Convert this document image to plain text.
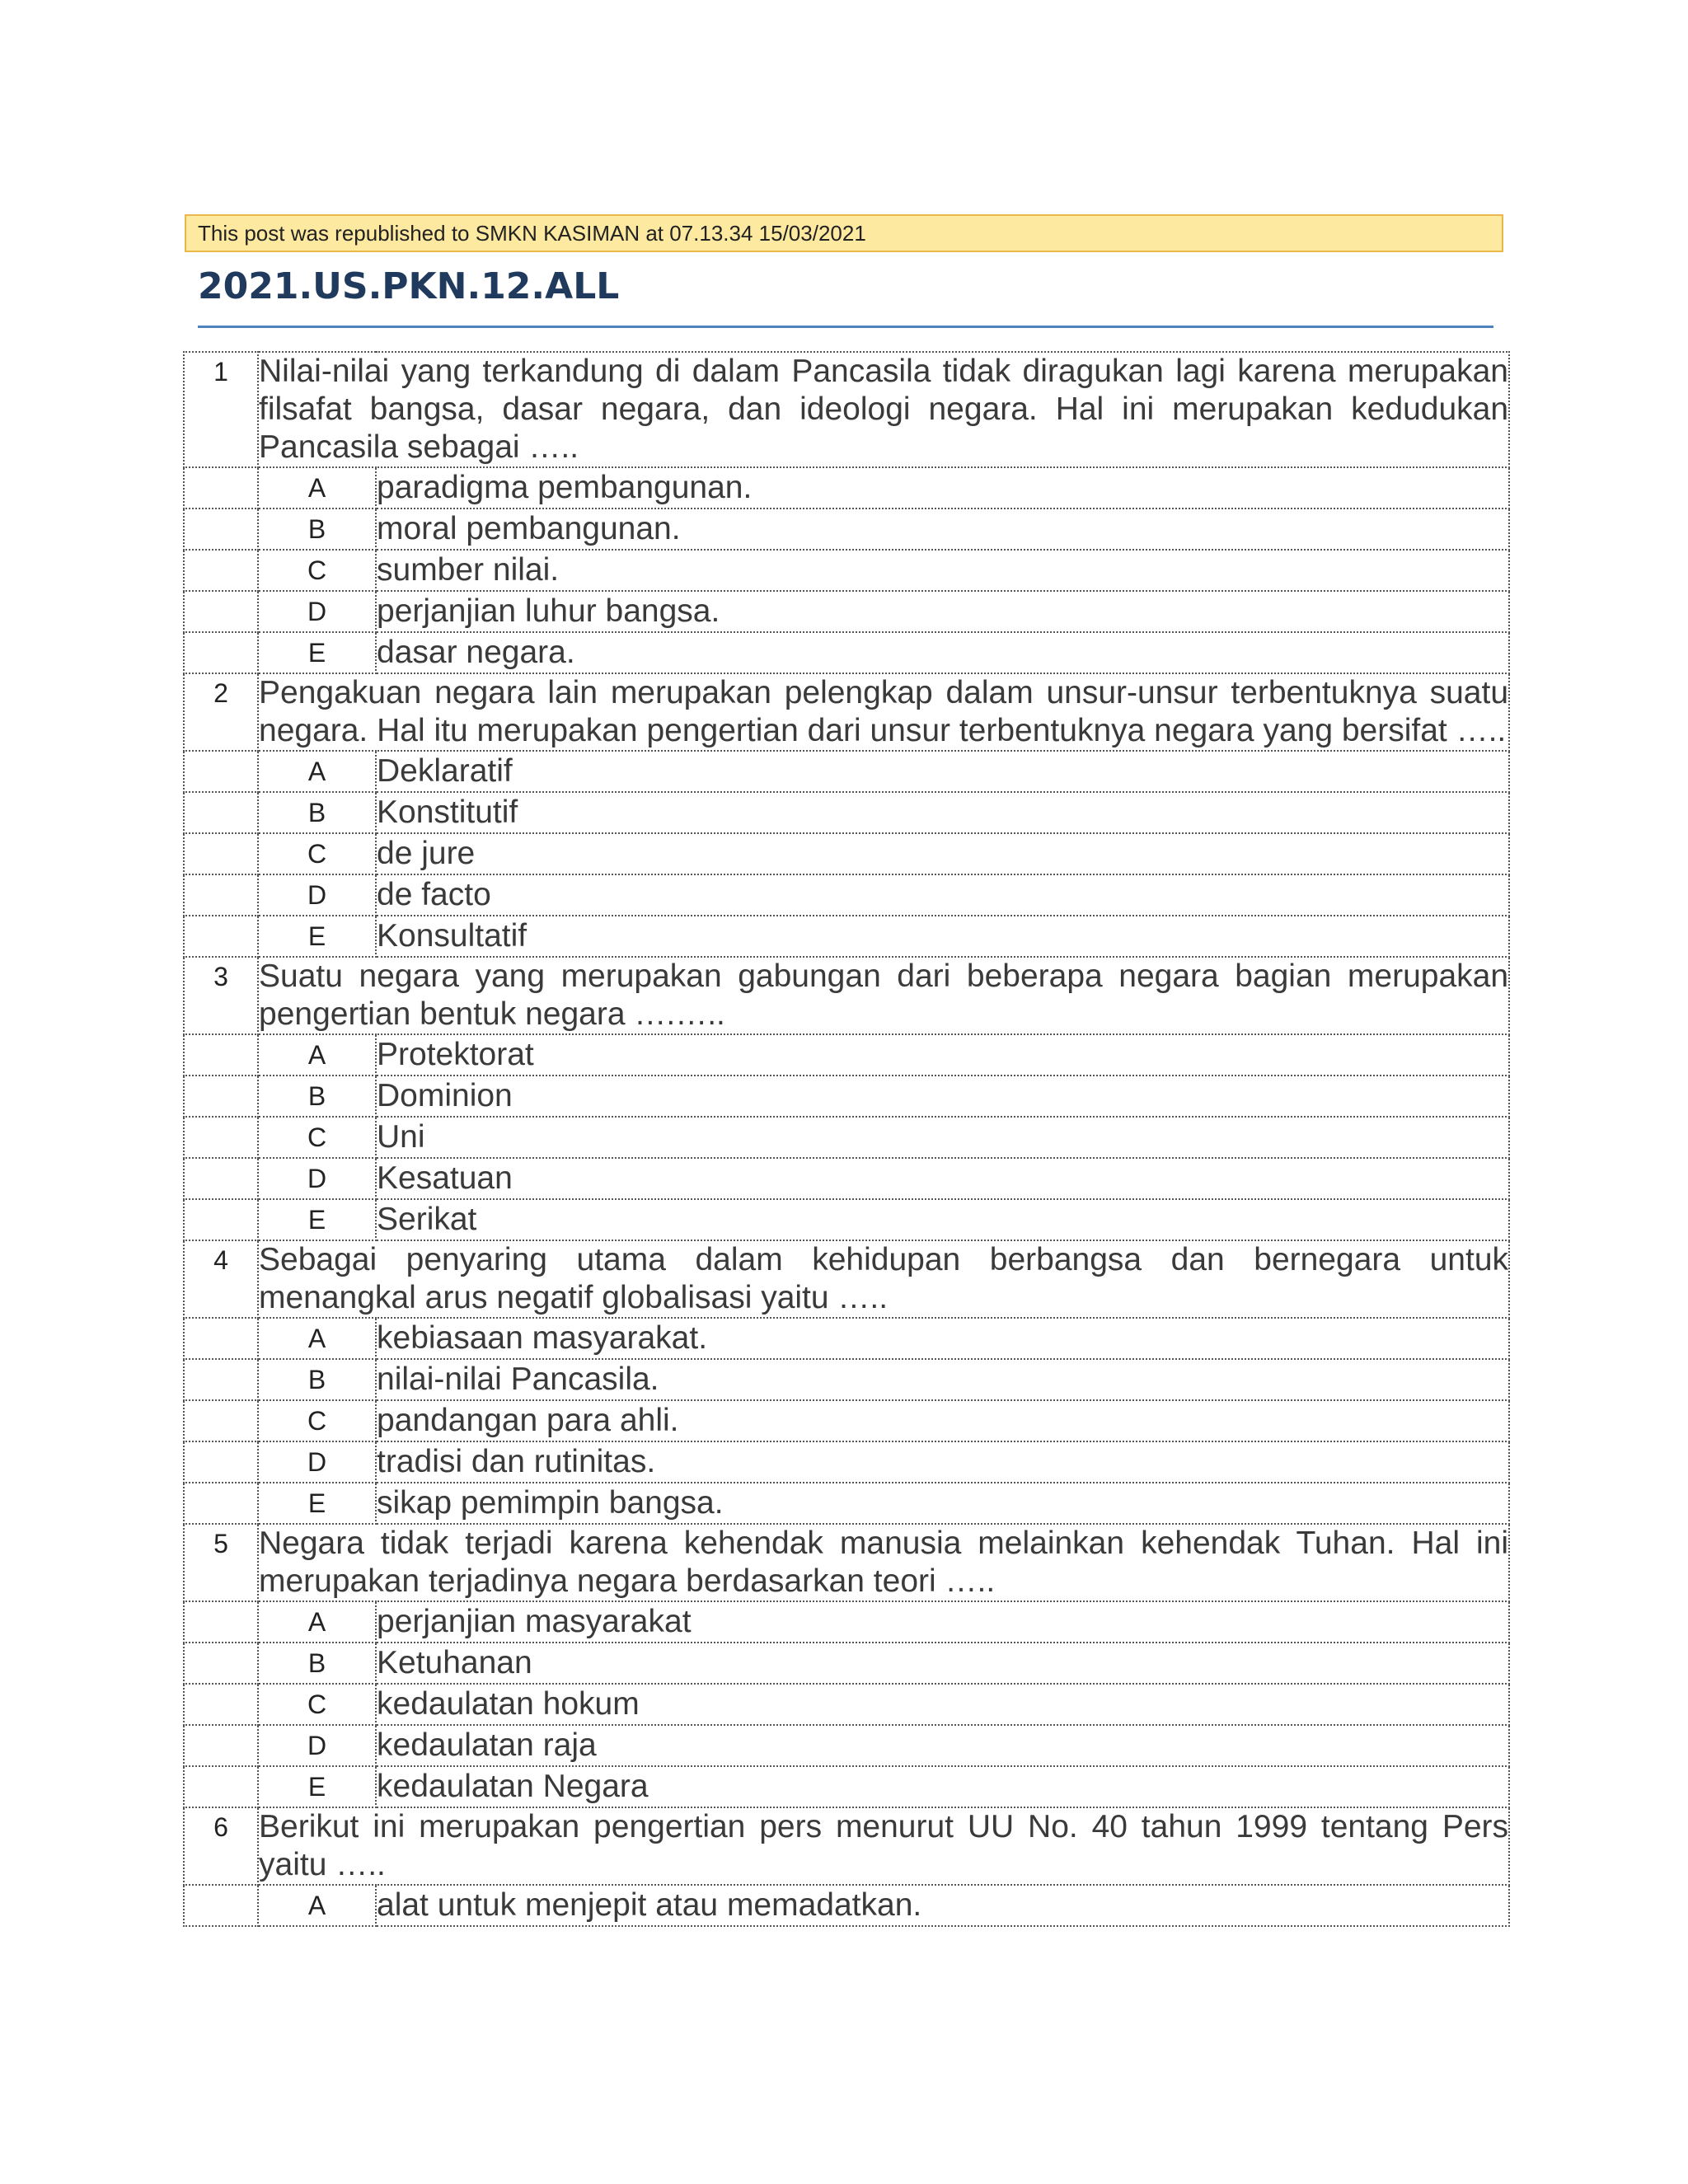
This post was republished to SMKN KASIMAN at 07.13.34 15/03/2021
2021.US.PKN.12.ALL
1	Nilai-nilai yang terkandung di dalam Pancasila tidak diragukan lagi karena merupakan filsafat bangsa, dasar negara, dan ideologi negara. Hal ini merupakan kedudukan Pancasila sebagai …..	
	A	paradigma pembangunan.
	B	moral pembangunan.
	C	sumber nilai.
	D	perjanjian luhur bangsa.
	E	dasar negara.
2	Pengakuan negara lain merupakan pelengkap dalam unsur-unsur terbentuknya suatu negara. Hal itu merupakan pengertian dari unsur terbentuknya negara yang bersifat …..	
	A	Deklaratif
	B	Konstitutif
	C	de jure
	D	de facto
	E	Konsultatif
3	Suatu negara yang merupakan gabungan dari beberapa negara bagian merupakan pengertian bentuk negara ….…..	
	A	Protektorat
	B	Dominion
	C	Uni
	D	Kesatuan
	E	Serikat
4	Sebagai penyaring utama dalam kehidupan berbangsa dan bernegara untuk menangkal arus negatif globalisasi yaitu …..	
	A	kebiasaan masyarakat.
	B	nilai-nilai Pancasila.
	C	pandangan para ahli.
	D	tradisi dan rutinitas.
	E	sikap pemimpin bangsa.
5	Negara tidak terjadi karena kehendak manusia melainkan kehendak Tuhan. Hal ini merupakan terjadinya negara berdasarkan teori …..	
	A	perjanjian masyarakat
	B	Ketuhanan
	C	kedaulatan hokum
	D	kedaulatan raja
	E	kedaulatan Negara
6	Berikut ini merupakan pengertian pers menurut UU No. 40 tahun 1999 tentang Pers yaitu …..	
	A	alat untuk menjepit atau memadatkan.
